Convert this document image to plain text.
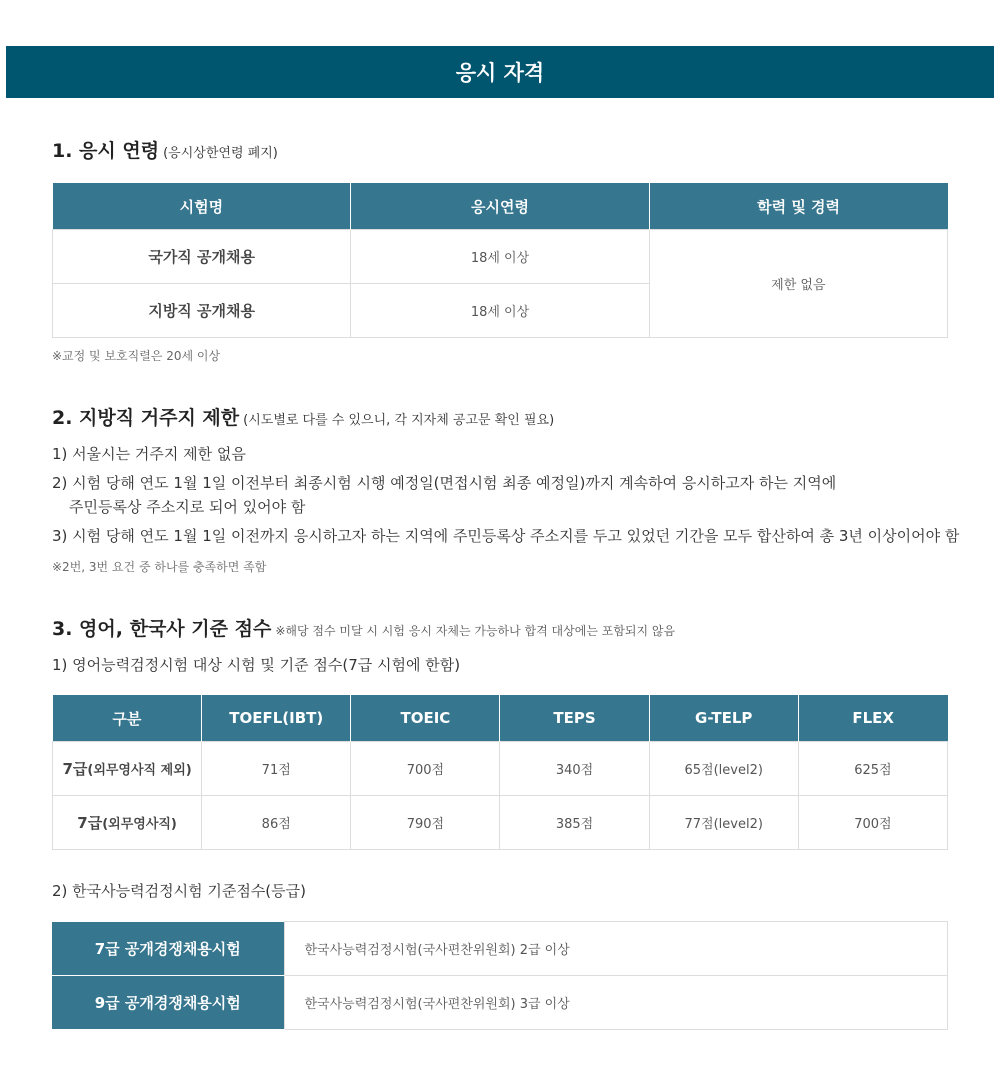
응시 자격
1. 응시 연령 (응시상한연령 폐지)
시험명	응시연령	학력 및 경력
국가직 공개채용	18세 이상	제한 없음
지방직 공개채용	18세 이상	
※교정 및 보호직렬은 20세 이상
2. 지방직 거주지 제한 (시도별로 다를 수 있으니, 각 지자체 공고문 확인 필요)
1) 서울시는 거주지 제한 없음
2) 시험 당해 연도 1월 1일 이전부터 최종시험 시행 예정일(면접시험 최종 예정일)까지 계속하여 응시하고자 하는 지역에
주민등록상 주소지로 되어 있어야 함
3) 시험 당해 연도 1월 1일 이전까지 응시하고자 하는 지역에 주민등록상 주소지를 두고 있었던 기간을 모두 합산하여 총 3년 이상이어야 함
※2번, 3번 요건 중 하나를 충족하면 족함
3. 영어, 한국사 기준 점수 ※해당 점수 미달 시 시험 응시 자체는 가능하나 합격 대상에는 포함되지 않음
1) 영어능력검정시험 대상 시험 및 기준 점수(7급 시험에 한함)
구분	TOEFL(IBT)	TOEIC	TEPS	G-TELP	FLEX
7급(외무영사직 제외)	71점	700점	340점	65점(level2)	625점
7급(외무영사직)	86점	790점	385점	77점(level2)	700점
2) 한국사능력검정시험 기준점수(등급)
7급 공개경쟁채용시험	한국사능력검정시험(국사편찬위원회) 2급 이상
9급 공개경쟁채용시험	한국사능력검정시험(국사편찬위원회) 3급 이상
